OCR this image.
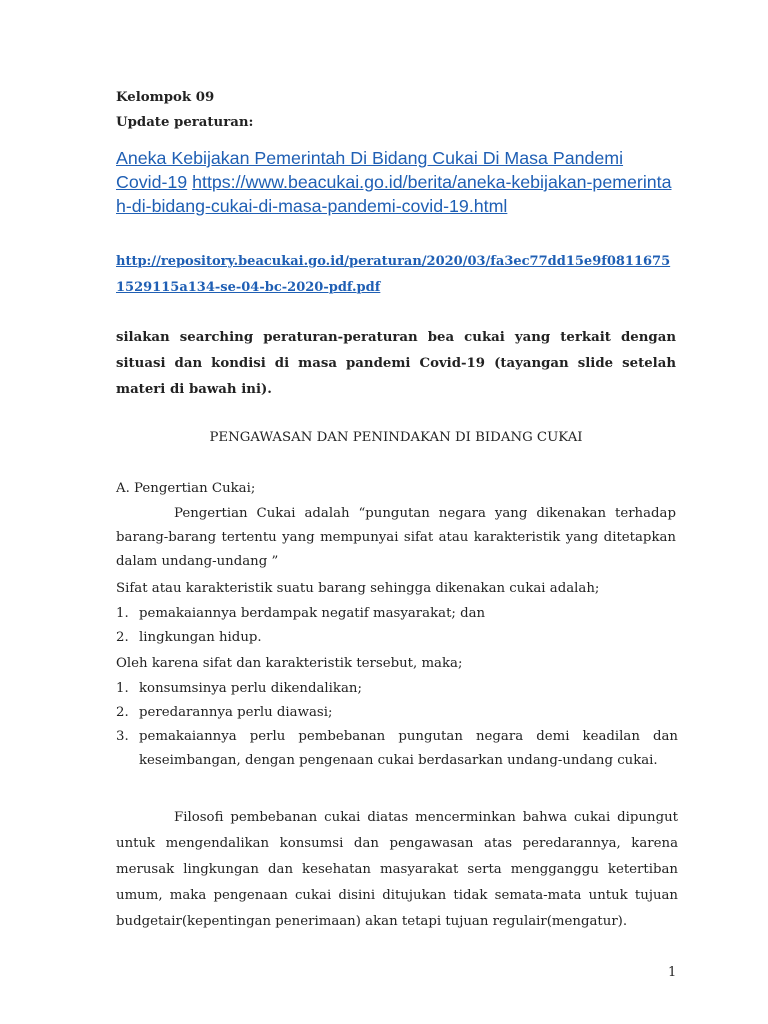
Kelompok 09

Update peraturan:

Aneka Kebijakan Pemerintah Di Bidang Cukai Di Masa Pandemi Covid-19 https://www.beacukai.go.id/berita/aneka-kebijakan-pemerintah-di-bidang-cukai-di-masa-pandemi-covid-19.html

http://repository.beacukai.go.id/peraturan/2020/03/fa3ec77dd15e9f08116751529115a134-se-04-bc-2020-pdf.pdf

silakan searching peraturan-peraturan bea cukai yang terkait dengan situasi dan kondisi di masa pandemi Covid-19 (tayangan slide setelah materi di bawah ini).

PENGAWASAN DAN PENINDAKAN DI BIDANG CUKAI

A. Pengertian Cukai;

Pengertian Cukai adalah “pungutan negara yang dikenakan terhadap barang-barang tertentu yang mempunyai sifat atau karakteristik yang ditetapkan dalam undang-undang ”

Sifat atau karakteristik suatu barang sehingga dikenakan cukai adalah;

1. pemakaiannya berdampak negatif masyarakat; dan
2. lingkungan hidup.

Oleh karena sifat dan karakteristik tersebut, maka;

1. konsumsinya perlu dikendalikan;
2. peredarannya perlu diawasi;
3. pemakaiannya perlu pembebanan pungutan negara demi keadilan dan keseimbangan, dengan pengenaan cukai berdasarkan undang-undang cukai.

Filosofi pembebanan cukai diatas mencerminkan bahwa cukai dipungut untuk mengendalikan konsumsi dan pengawasan atas peredarannya, karena merusak lingkungan dan kesehatan masyarakat serta mengganggu ketertiban umum, maka pengenaan cukai disini ditujukan tidak semata-mata untuk tujuan budgetair(kepentingan penerimaan) akan tetapi tujuan regulair(mengatur).

1
